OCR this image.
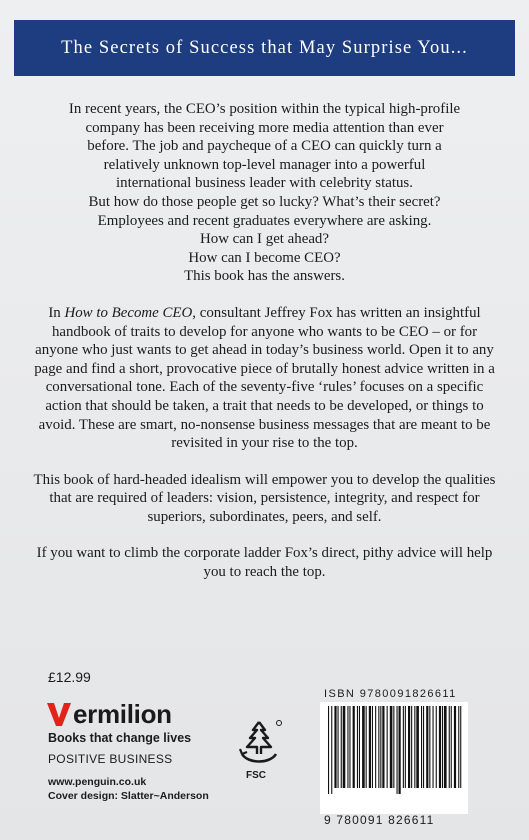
The Secrets of Success that May Surprise You...
In recent years, the CEO’s position within the typical high-profile
company has been receiving more media attention than ever
before. The job and paycheque of a CEO can quickly turn a
relatively unknown top-level manager into a powerful
international business leader with celebrity status.
But how do those people get so lucky? What’s their secret?
Employees and recent graduates everywhere are asking.
How can I get ahead?
How can I become CEO?
This book has the answers.

In How to Become CEO, consultant Jeffrey Fox has written an insightful handbook of traits to develop for anyone who wants to be CEO – or for anyone who just wants to get ahead in today’s business world. Open it to any page and find a short, provocative piece of brutally honest advice written in a conversational tone. Each of the seventy-five ‘rules’ focuses on a specific action that should be taken, a trait that needs to be developed, or things to avoid. These are smart, no-nonsense business messages that are meant to be revisited in your rise to the top.

This book of hard-headed idealism will empower you to develop the qualities that are required of leaders: vision, persistence, integrity, and respect for superiors, subordinates, peers, and self.

If you want to climb the corporate ladder Fox’s direct, pithy advice will help you to reach the top.

£12.99
ermilion
Books that change lives
POSITIVE BUSINESS
www.penguin.co.uk
Cover design: Slatter~Anderson
FSC
ISBN 9780091826611
9 780091 826611
